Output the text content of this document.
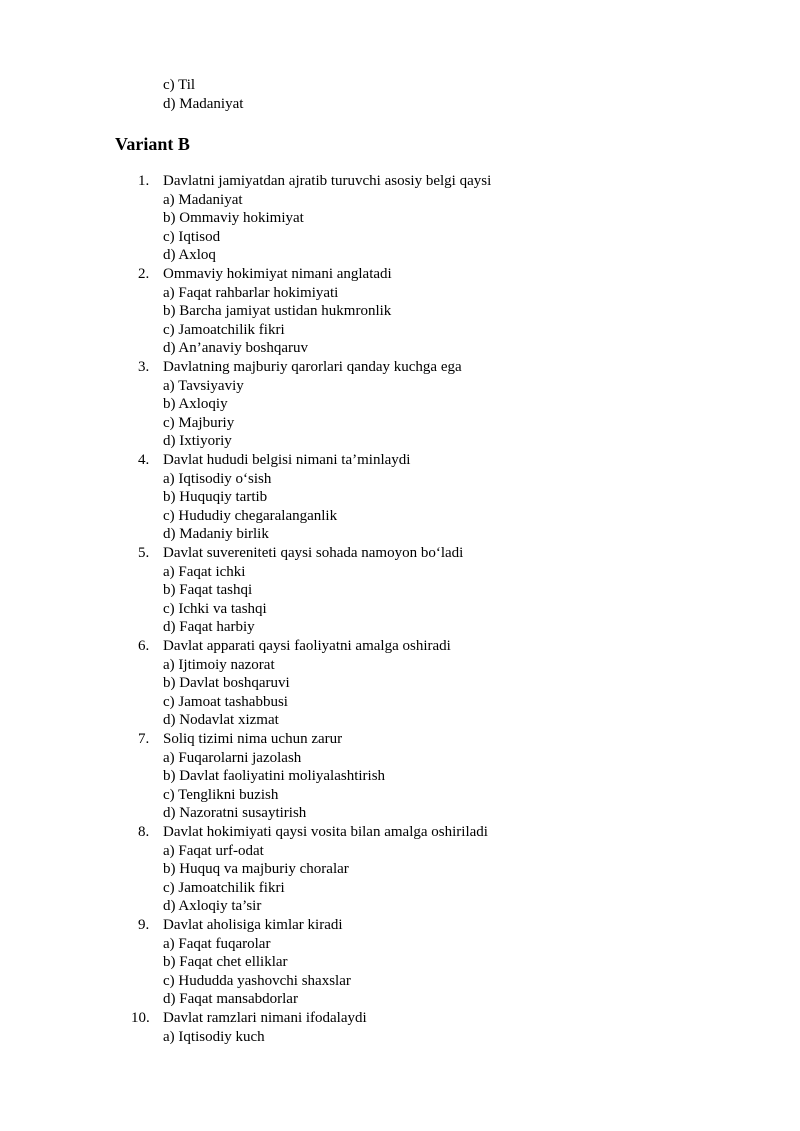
c) Til
d) Madaniyat
Variant B
1. Davlatni jamiyatdan ajratib turuvchi asosiy belgi qaysi
a) Madaniyat
b) Ommaviy hokimiyat
c) Iqtisod
d) Axloq
2. Ommaviy hokimiyat nimani anglatadi
a) Faqat rahbarlar hokimiyati
b) Barcha jamiyat ustidan hukmronlik
c) Jamoatchilik fikri
d) An’anaviy boshqaruv
3. Davlatning majburiy qarorlari qanday kuchga ega
a) Tavsiyaviy
b) Axloqiy
c) Majburiy
d) Ixtiyoriy
4. Davlat hududi belgisi nimani ta’minlaydi
a) Iqtisodiy o‘sish
b) Huquqiy tartib
c) Hududiy chegaralanganlik
d) Madaniy birlik
5. Davlat suvereniteti qaysi sohada namoyon bo‘ladi
a) Faqat ichki
b) Faqat tashqi
c) Ichki va tashqi
d) Faqat harbiy
6. Davlat apparati qaysi faoliyatni amalga oshiradi
a) Ijtimoiy nazorat
b) Davlat boshqaruvi
c) Jamoat tashabbusi
d) Nodavlat xizmat
7. Soliq tizimi nima uchun zarur
a) Fuqarolarni jazolash
b) Davlat faoliyatini moliyalashtirish
c) Tenglikni buzish
d) Nazoratni susaytirish
8. Davlat hokimiyati qaysi vosita bilan amalga oshiriladi
a) Faqat urf-odat
b) Huquq va majburiy choralar
c) Jamoatchilik fikri
d) Axloqiy ta’sir
9. Davlat aholisiga kimlar kiradi
a) Faqat fuqarolar
b) Faqat chet elliklar
c) Hududda yashovchi shaxslar
d) Faqat mansabdorlar
10. Davlat ramzlari nimani ifodalaydi
a) Iqtisodiy kuch
